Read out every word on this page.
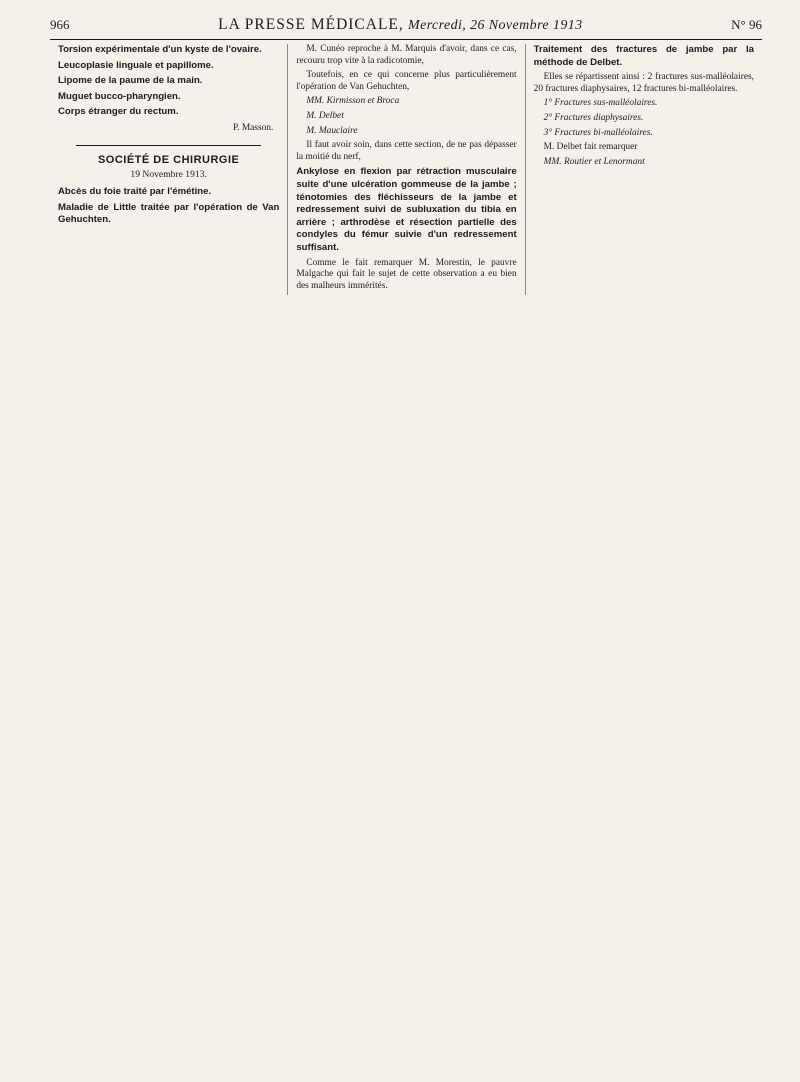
966	LA PRESSE MÉDICALE, Mercredi, 26 Novembre 1913	N° 96

Torsion expérimentale d'un kyste de l'ovaire.

Leucoplasie linguale et papillome.

Lipome de la paume de la main.

Muguet bucco-pharyngien.

Corps étranger du rectum.

P. Masson.
SOCIÉTÉ DE CHIRURGIE
19 Novembre 1913.

Abcès du foie traité par l'émétine.

Maladie de Little traitée par l'opération de Van Gehuchten.

M. Cunéo reproche à M. Marquis d'avoir, dans ce cas, recouru trop vite à la radicotomie,

Toutefois, en ce qui concerne plus particulièrement l'opération de Van Gehuchten,

MM. Kirmisson et Broca

M. Delbet

M. Mauclaire

Il faut avoir soin, dans cette section, de ne pas dépasser la moitié du nerf,

Ankylose en flexion par rétraction musculaire suite d'une ulcération gommeuse de la jambe ; ténotomies des fléchisseurs de la jambe et redressement suivi de subluxation du tibia en arrière ; arthrodèse et résection partielle des condyles du fémur suivie d'un redressement suffisant.

Comme le fait remarquer M. Morestin, le pauvre Malgache qui fait le sujet de cette observation a eu bien des malheurs immérités.

Traitement des fractures de jambe par la méthode de Delbet.

Elles se répartissent ainsi : 2 fractures sus-malléolaires, 20 fractures diaphysaires, 12 fractures bi-malléolaires.

1° Fractures sus-malléolaires.

2° Fractures diaphysaires.

3° Fractures bi-malléolaires.

M. Delbet fait remarquer

MM. Routier et Lenormant
